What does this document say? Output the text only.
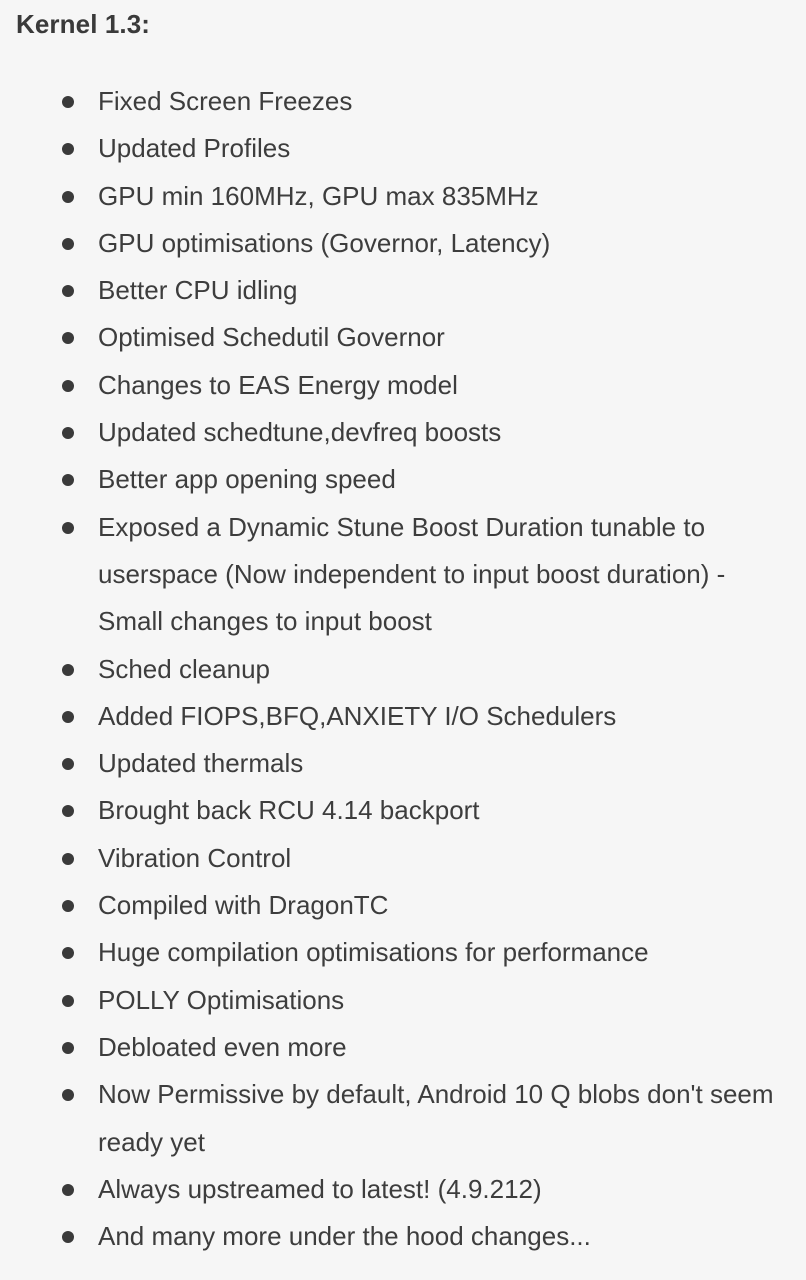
Kernel 1.3:
Fixed Screen Freezes
Updated Profiles
GPU min 160MHz, GPU max 835MHz
GPU optimisations (Governor, Latency)
Better CPU idling
Optimised Schedutil Governor
Changes to EAS Energy model
Updated schedtune,devfreq boosts
Better app opening speed
Exposed a Dynamic Stune Boost Duration tunable to userspace (Now independent to input boost duration) - Small changes to input boost
Sched cleanup
Added FIOPS,BFQ,ANXIETY I/O Schedulers
Updated thermals
Brought back RCU 4.14 backport
Vibration Control
Compiled with DragonTC
Huge compilation optimisations for performance
POLLY Optimisations
Debloated even more
Now Permissive by default, Android 10 Q blobs don't seem ready yet
Always upstreamed to latest! (4.9.212)
And many more under the hood changes...
